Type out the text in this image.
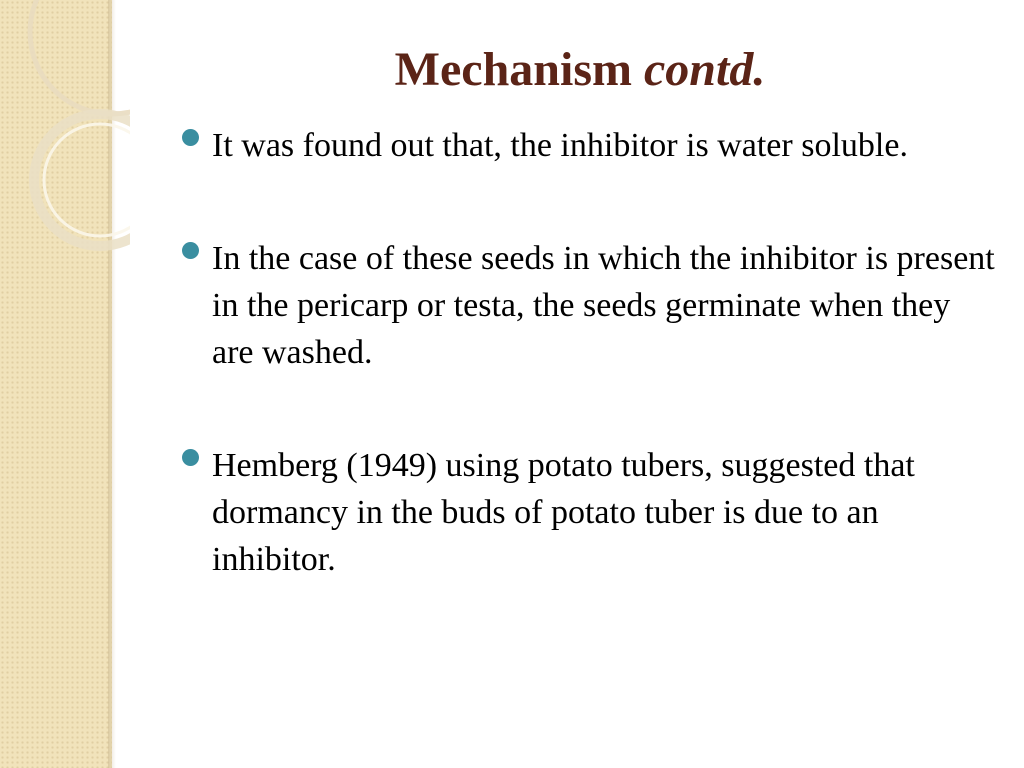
Mechanism contd.
It was found out that, the inhibitor is water soluble.
In the case of these seeds in which the inhibitor is present in the pericarp or testa, the seeds germinate when they are washed.
Hemberg (1949) using potato tubers, suggested that dormancy in the buds of potato tuber is due to an inhibitor.
